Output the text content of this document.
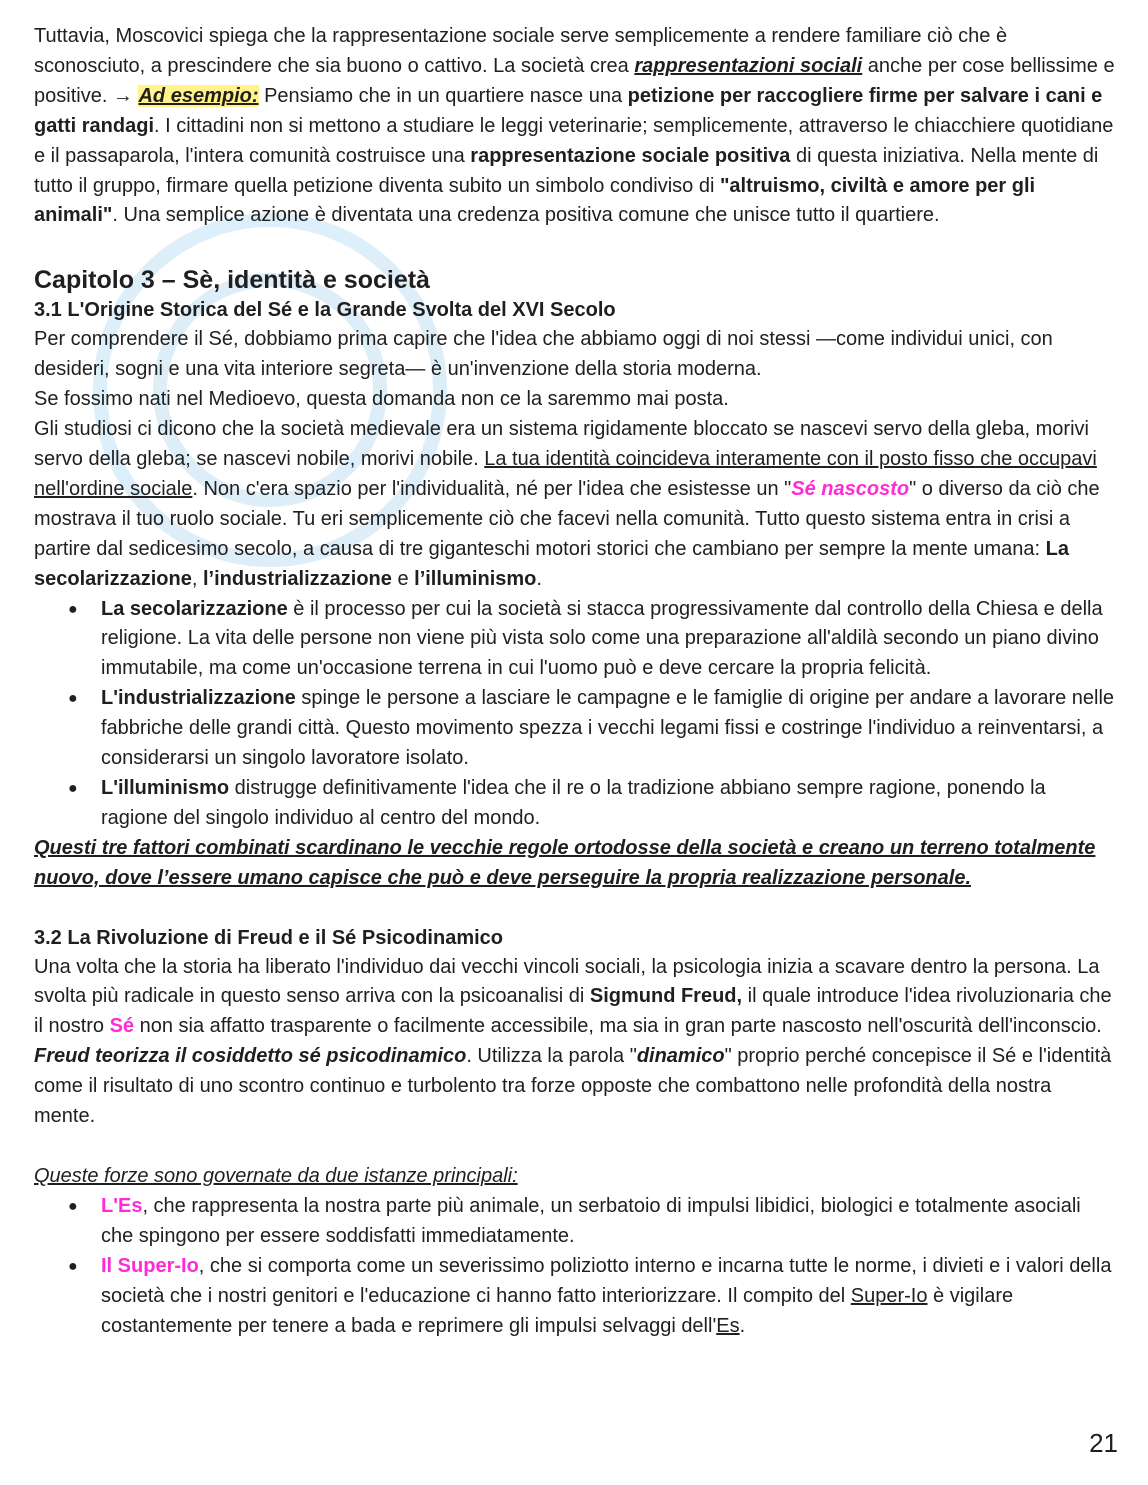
Tuttavia, Moscovici spiega che la rappresentazione sociale serve semplicemente a rendere familiare ciò che è sconosciuto, a prescindere che sia buono o cattivo. La società crea rappresentazioni sociali anche per cose bellissime e positive. → Ad esempio: Pensiamo che in un quartiere nasce una petizione per raccogliere firme per salvare i cani e gatti randagi. I cittadini non si mettono a studiare le leggi veterinarie; semplicemente, attraverso le chiacchiere quotidiane e il passaparola, l'intera comunità costruisce una rappresentazione sociale positiva di questa iniziativa. Nella mente di tutto il gruppo, firmare quella petizione diventa subito un simbolo condiviso di "altruismo, civiltà e amore per gli animali". Una semplice azione è diventata una credenza positiva comune che unisce tutto il quartiere.

Capitolo 3 – Sè, identità e società
3.1 L'Origine Storica del Sé e la Grande Svolta del XVI Secolo

Per comprendere il Sé, dobbiamo prima capire che l'idea che abbiamo oggi di noi stessi —come individui unici, con desideri, sogni e una vita interiore segreta— è un'invenzione della storia moderna.

Se fossimo nati nel Medioevo, questa domanda non ce la saremmo mai posta.

Gli studiosi ci dicono che la società medievale era un sistema rigidamente bloccato se nascevi servo della gleba, morivi servo della gleba; se nascevi nobile, morivi nobile. La tua identità coincideva interamente con il posto fisso che occupavi nell'ordine sociale. Non c'era spazio per l'individualità, né per l'idea che esistesse un "Sé nascosto" o diverso da ciò che mostrava il tuo ruolo sociale. Tu eri semplicemente ciò che facevi nella comunità. Tutto questo sistema entra in crisi a partire dal sedicesimo secolo, a causa di tre giganteschi motori storici che cambiano per sempre la mente umana: La secolarizzazione, l’industrializzazione e l’illuminismo.

● La secolarizzazione è il processo per cui la società si stacca progressivamente dal controllo della Chiesa e della religione. La vita delle persone non viene più vista solo come una preparazione all'aldilà secondo un piano divino immutabile, ma come un'occasione terrena in cui l'uomo può e deve cercare la propria felicità.
● L'industrializzazione spinge le persone a lasciare le campagne e le famiglie di origine per andare a lavorare nelle fabbriche delle grandi città. Questo movimento spezza i vecchi legami fissi e costringe l'individuo a reinventarsi, a considerarsi un singolo lavoratore isolato.
● L'illuminismo distrugge definitivamente l'idea che il re o la tradizione abbiano sempre ragione, ponendo la ragione del singolo individuo al centro del mondo.

Questi tre fattori combinati scardinano le vecchie regole ortodosse della società e creano un terreno totalmente nuovo, dove l’essere umano capisce che può e deve perseguire la propria realizzazione personale.

3.2 La Rivoluzione di Freud e il Sé Psicodinamico

Una volta che la storia ha liberato l'individuo dai vecchi vincoli sociali, la psicologia inizia a scavare dentro la persona. La svolta più radicale in questo senso arriva con la psicoanalisi di Sigmund Freud, il quale introduce l'idea rivoluzionaria che il nostro Sé non sia affatto trasparente o facilmente accessibile, ma sia in gran parte nascosto nell'oscurità dell'inconscio. Freud teorizza il cosiddetto sé psicodinamico. Utilizza la parola "dinamico" proprio perché concepisce il Sé e l'identità come il risultato di uno scontro continuo e turbolento tra forze opposte che combattono nelle profondità della nostra mente.

Queste forze sono governate da due istanze principali:

● L'Es, che rappresenta la nostra parte più animale, un serbatoio di impulsi libidici, biologici e totalmente asociali che spingono per essere soddisfatti immediatamente.
● Il Super-Io, che si comporta come un severissimo poliziotto interno e incarna tutte le norme, i divieti e i valori della società che i nostri genitori e l'educazione ci hanno fatto interiorizzare. Il compito del Super-Io è vigilare costantemente per tenere a bada e reprimere gli impulsi selvaggi dell'Es.
21
